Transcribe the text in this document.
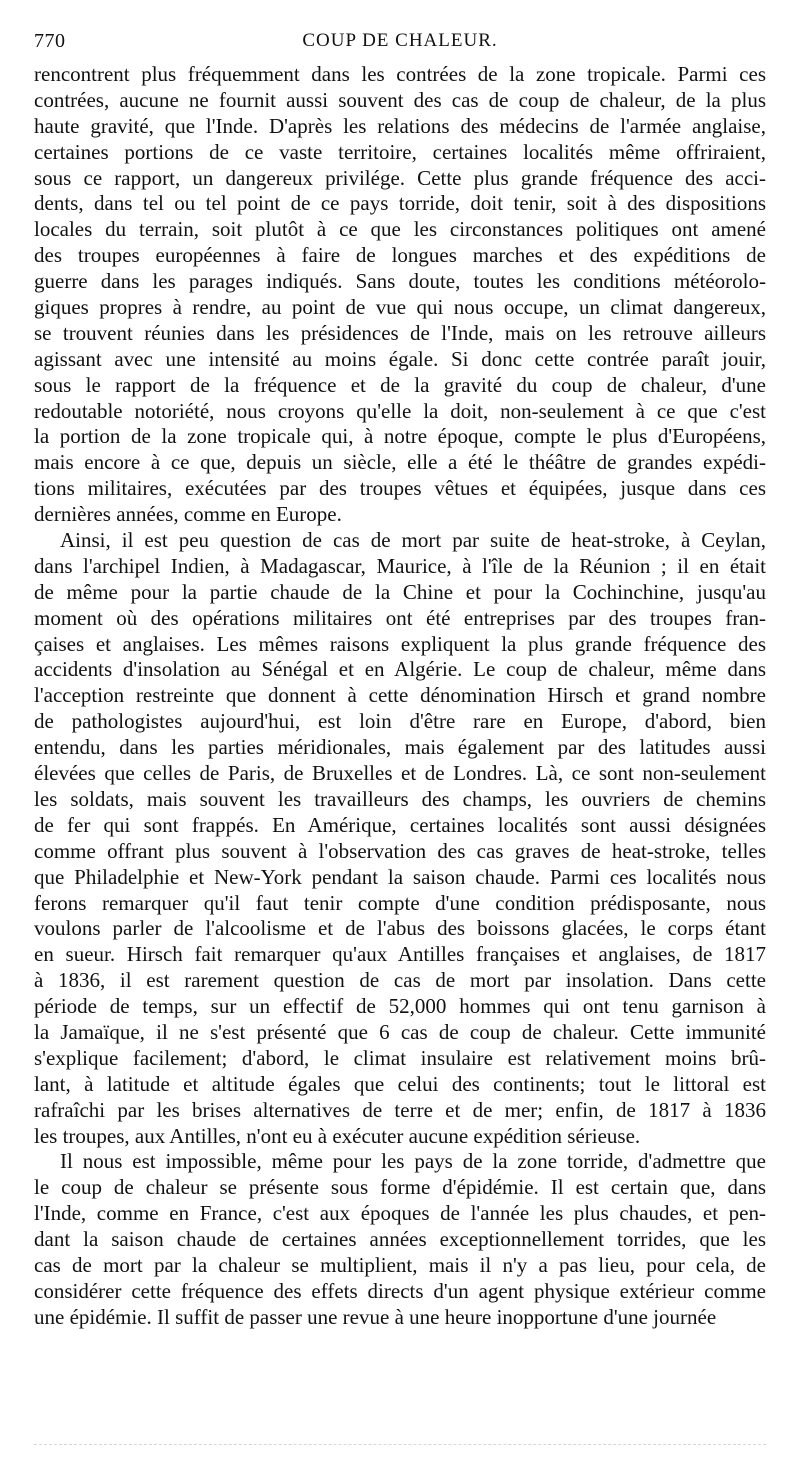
770	COUP DE CHALEUR.
rencontrent plus fréquemment dans les contrées de la zone tropicale. Parmi ces
contrées, aucune ne fournit aussi souvent des cas de coup de chaleur, de la plus
haute gravité, que l'Inde. D'après les relations des médecins de l'armée anglaise,
certaines portions de ce vaste territoire, certaines localités même offriraient,
sous ce rapport, un dangereux privilége. Cette plus grande fréquence des acci-
dents, dans tel ou tel point de ce pays torride, doit tenir, soit à des dispositions
locales du terrain, soit plutôt à ce que les circonstances politiques ont amené
des troupes européennes à faire de longues marches et des expéditions de
guerre dans les parages indiqués. Sans doute, toutes les conditions météorolo-
giques propres à rendre, au point de vue qui nous occupe, un climat dangereux,
se trouvent réunies dans les présidences de l'Inde, mais on les retrouve ailleurs
agissant avec une intensité au moins égale. Si donc cette contrée paraît jouir,
sous le rapport de la fréquence et de la gravité du coup de chaleur, d'une
redoutable notoriété, nous croyons qu'elle la doit, non-seulement à ce que c'est
la portion de la zone tropicale qui, à notre époque, compte le plus d'Européens,
mais encore à ce que, depuis un siècle, elle a été le théâtre de grandes expédi-
tions militaires, exécutées par des troupes vêtues et équipées, jusque dans ces
dernières années, comme en Europe.
Ainsi, il est peu question de cas de mort par suite de heat-stroke, à Ceylan,
dans l'archipel Indien, à Madagascar, Maurice, à l'île de la Réunion ; il en était
de même pour la partie chaude de la Chine et pour la Cochinchine, jusqu'au
moment où des opérations militaires ont été entreprises par des troupes fran-
çaises et anglaises. Les mêmes raisons expliquent la plus grande fréquence des
accidents d'insolation au Sénégal et en Algérie. Le coup de chaleur, même dans
l'acception restreinte que donnent à cette dénomination Hirsch et grand nombre
de pathologistes aujourd'hui, est loin d'être rare en Europe, d'abord, bien
entendu, dans les parties méridionales, mais également par des latitudes aussi
élevées que celles de Paris, de Bruxelles et de Londres. Là, ce sont non-seulement
les soldats, mais souvent les travailleurs des champs, les ouvriers de chemins
de fer qui sont frappés. En Amérique, certaines localités sont aussi désignées
comme offrant plus souvent à l'observation des cas graves de heat-stroke, telles
que Philadelphie et New-York pendant la saison chaude. Parmi ces localités nous
ferons remarquer qu'il faut tenir compte d'une condition prédisposante, nous
voulons parler de l'alcoolisme et de l'abus des boissons glacées, le corps étant
en sueur. Hirsch fait remarquer qu'aux Antilles françaises et anglaises, de 1817
à 1836, il est rarement question de cas de mort par insolation. Dans cette
période de temps, sur un effectif de 52,000 hommes qui ont tenu garnison à
la Jamaïque, il ne s'est présenté que 6 cas de coup de chaleur. Cette immunité
s'explique facilement; d'abord, le climat insulaire est relativement moins brû-
lant, à latitude et altitude égales que celui des continents; tout le littoral est
rafraîchi par les brises alternatives de terre et de mer; enfin, de 1817 à 1836
les troupes, aux Antilles, n'ont eu à exécuter aucune expédition sérieuse.
Il nous est impossible, même pour les pays de la zone torride, d'admettre que
le coup de chaleur se présente sous forme d'épidémie. Il est certain que, dans
l'Inde, comme en France, c'est aux époques de l'année les plus chaudes, et pen-
dant la saison chaude de certaines années exceptionnellement torrides, que les
cas de mort par la chaleur se multiplient, mais il n'y a pas lieu, pour cela, de
considérer cette fréquence des effets directs d'un agent physique extérieur comme
une épidémie. Il suffit de passer une revue à une heure inopportune d'une journée
